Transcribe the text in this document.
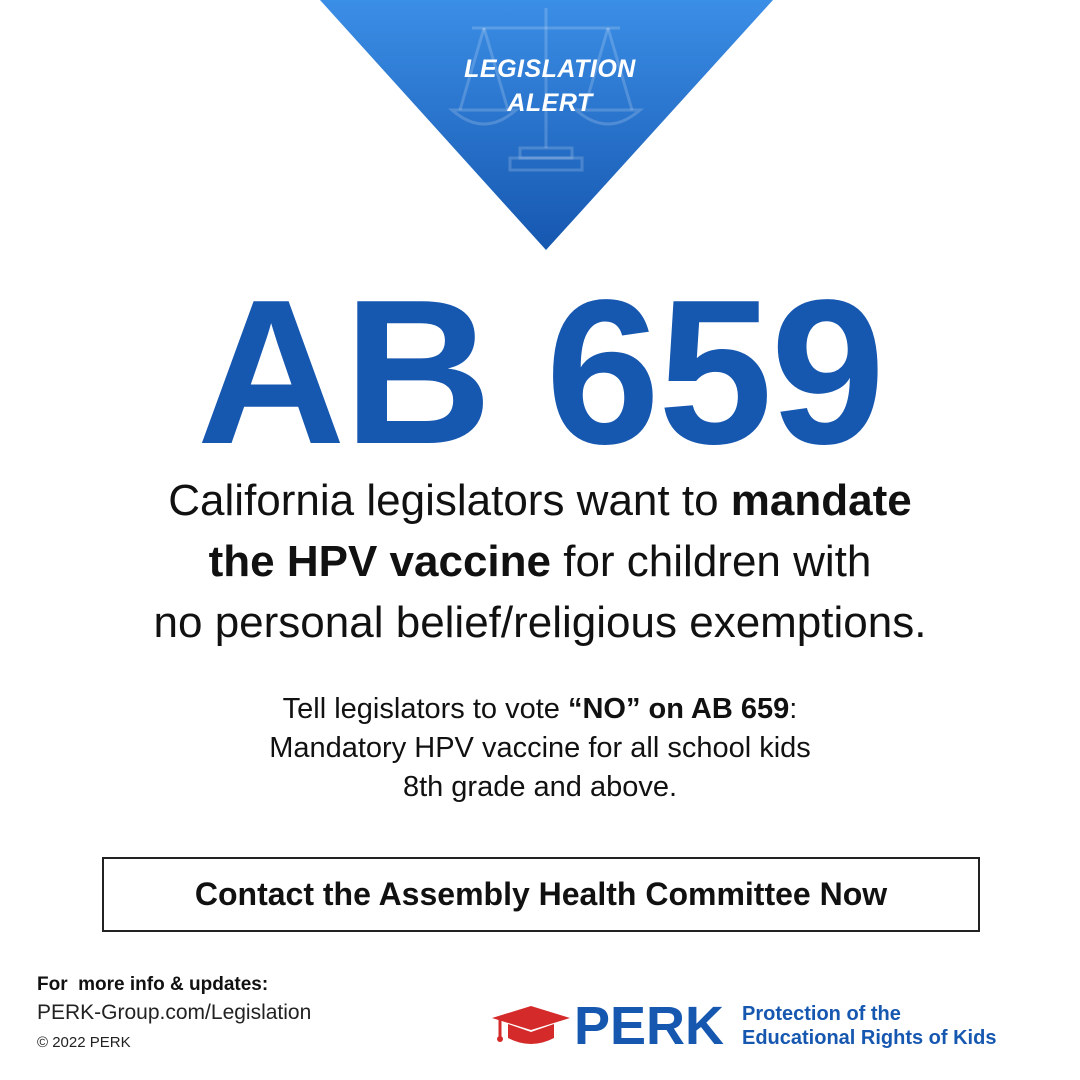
LEGISLATION
ALERT
AB 659
California legislators want to mandate
the HPV vaccine for children with
no personal belief/religious exemptions.
Tell legislators to vote “NO” on AB 659:
Mandatory HPV vaccine for all school kids
8th grade and above.
Contact the Assembly Health Committee Now
For  more info & updates:
PERK-Group.com/Legislation
© 2022 PERK	PERK Protection of the
Educational Rights of Kids
